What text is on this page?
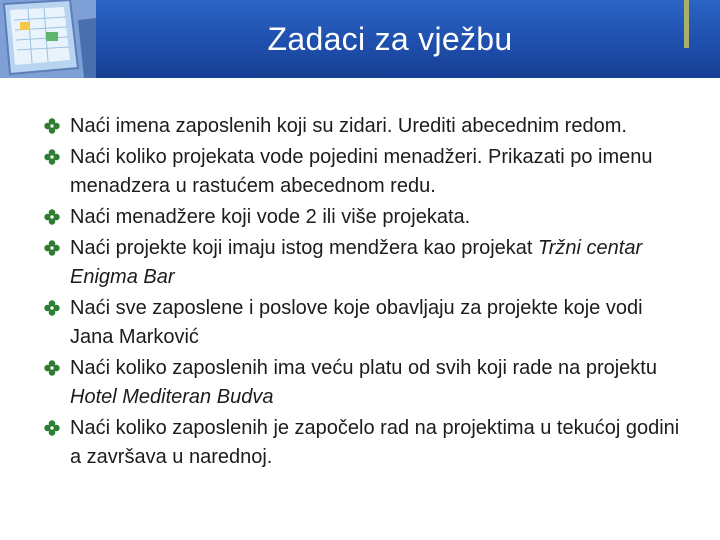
Zadaci za vježbu
Naći imena zaposlenih koji su zidari. Urediti abecednim redom.
Naći koliko projekata vode pojedini menadžeri. Prikazati po imenu menadzera u rastućem abecednom redu.
Naći menadžere koji vode 2 ili više projekata.
Naći projekte koji imaju istog mendžera kao projekat Tržni centar Enigma Bar
Naći sve zaposlene i poslove koje obavljaju za projekte koje vodi Jana Marković
Naći koliko zaposlenih ima veću platu od svih koji rade na projektu Hotel Mediteran Budva
Naći koliko zaposlenih je započelo rad na projektima u tekućoj godini a završava u narednoj.
